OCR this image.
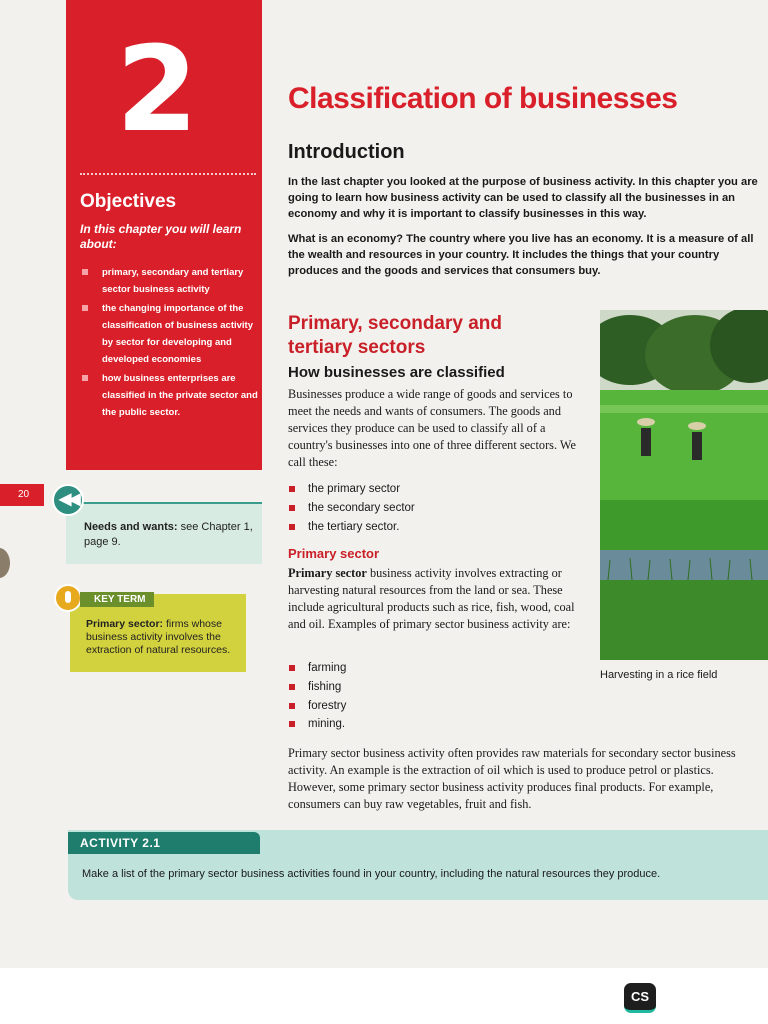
2
Objectives
In this chapter you will learn about:
primary, secondary and tertiary sector business activity
the changing importance of the classification of business activity by sector for developing and developed economies
how business enterprises are classified in the private sector and the public sector.
20
Needs and wants: see Chapter 1, page 9.
◀◀
KEY TERM
Primary sector: firms whose business activity involves the extraction of natural resources.
Classification of businesses
Introduction
In the last chapter you looked at the purpose of business activity. In this chapter you are going to learn how business activity can be used to classify all the businesses in an economy and why it is important to classify businesses in this way.
What is an economy? The country where you live has an economy. It is a measure of all the wealth and resources in your country. It includes the things that your country produces and the goods and services that consumers buy.
Primary, secondary and tertiary sectors
How businesses are classified
Businesses produce a wide range of goods and services to meet the needs and wants of consumers. The goods and services they produce can be used to classify all of a country's businesses into one of three different sectors. We call these:
the primary sector
the secondary sector
the tertiary sector.
Primary sector
Primary sector business activity involves extracting or harvesting natural resources from the land or sea. These include agricultural products such as rice, fish, wood, coal and oil. Examples of primary sector business activity are:
farming
fishing
forestry
mining.
Primary sector business activity often provides raw materials for secondary sector business activity. An example is the extraction of oil which is used to produce petrol or plastics. However, some primary sector business activity produces final products. For example, consumers can buy raw vegetables, fruit and fish.
Harvesting in a rice field
ACTIVITY 2.1
Make a list of the primary sector business activities found in your country, including the natural resources they produce.
CS
